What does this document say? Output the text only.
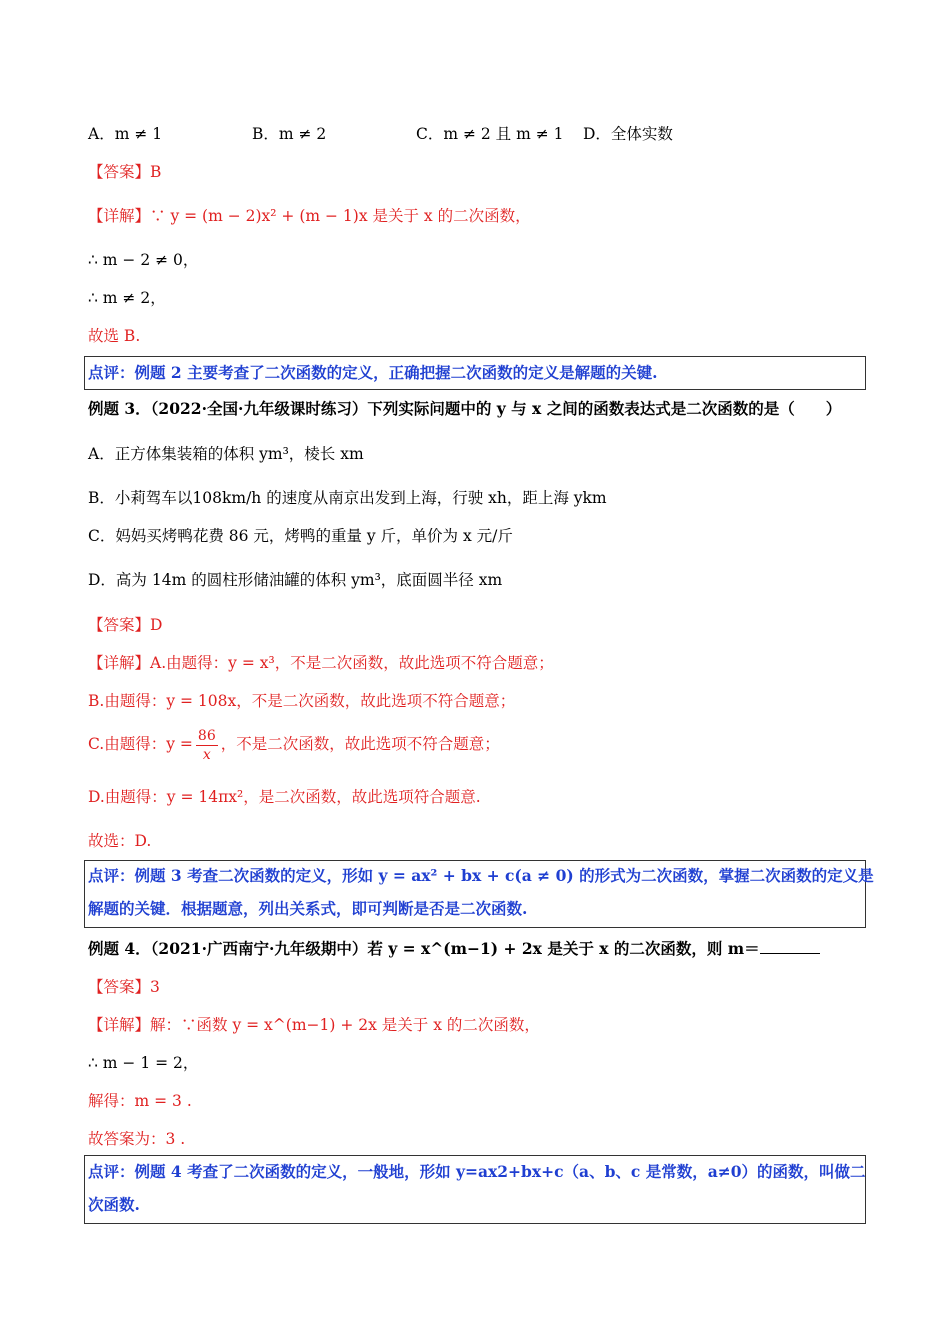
A．m ≠ 1	B．m ≠ 2	C．m ≠ 2 且 m ≠ 1 D．全体实数
【答案】B
【详解】∵ y = (m − 2)x² + (m − 1)x 是关于 x 的二次函数，
∴ m − 2 ≠ 0，
∴ m ≠ 2，
故选 B.
点评：例题 2 主要考查了二次函数的定义，正确把握二次函数的定义是解题的关键.
例题 3．（2022·全国·九年级课时练习）下列实际问题中的 y 与 x 之间的函数表达式是二次函数的是（　　）
A．正方体集装箱的体积 ym³，棱长 xm
B．小莉驾车以108km/h 的速度从南京出发到上海，行驶 xh，距上海 ykm
C．妈妈买烤鸭花费 86 元，烤鸭的重量 y 斤，单价为 x 元/斤
D．高为 14m 的圆柱形储油罐的体积 ym³，底面圆半径 xm
【答案】D
【详解】A.由题得：y = x³，不是二次函数，故此选项不符合题意；
B.由题得：y = 108x，不是二次函数，故此选项不符合题意；
C.由题得：$y = \frac{86}{x}$ ，不是二次函数，故此选项不符合题意；
D.由题得：y = 14πx²，是二次函数，故此选项符合题意.
故选：D.
点评：例题 3 考查二次函数的定义，形如 y = ax² + bx + c(a ≠ 0) 的形式为二次函数，掌握二次函数的定义是
解题的关键．根据题意，列出关系式，即可判断是否是二次函数.
例题 4．（2021·广西南宁·九年级期中）若 y = x^(m−1) + 2x 是关于 x 的二次函数，则 m＝
【答案】3
【详解】解：∵函数 y = x^(m−1) + 2x 是关于 x 的二次函数，
∴ m − 1 = 2，
解得：m = 3 .
故答案为：3 .
点评：例题 4 考查了二次函数的定义，一般地，形如 y=ax2+bx+c（a、b、c 是常数，a≠0）的函数，叫做二
次函数.
